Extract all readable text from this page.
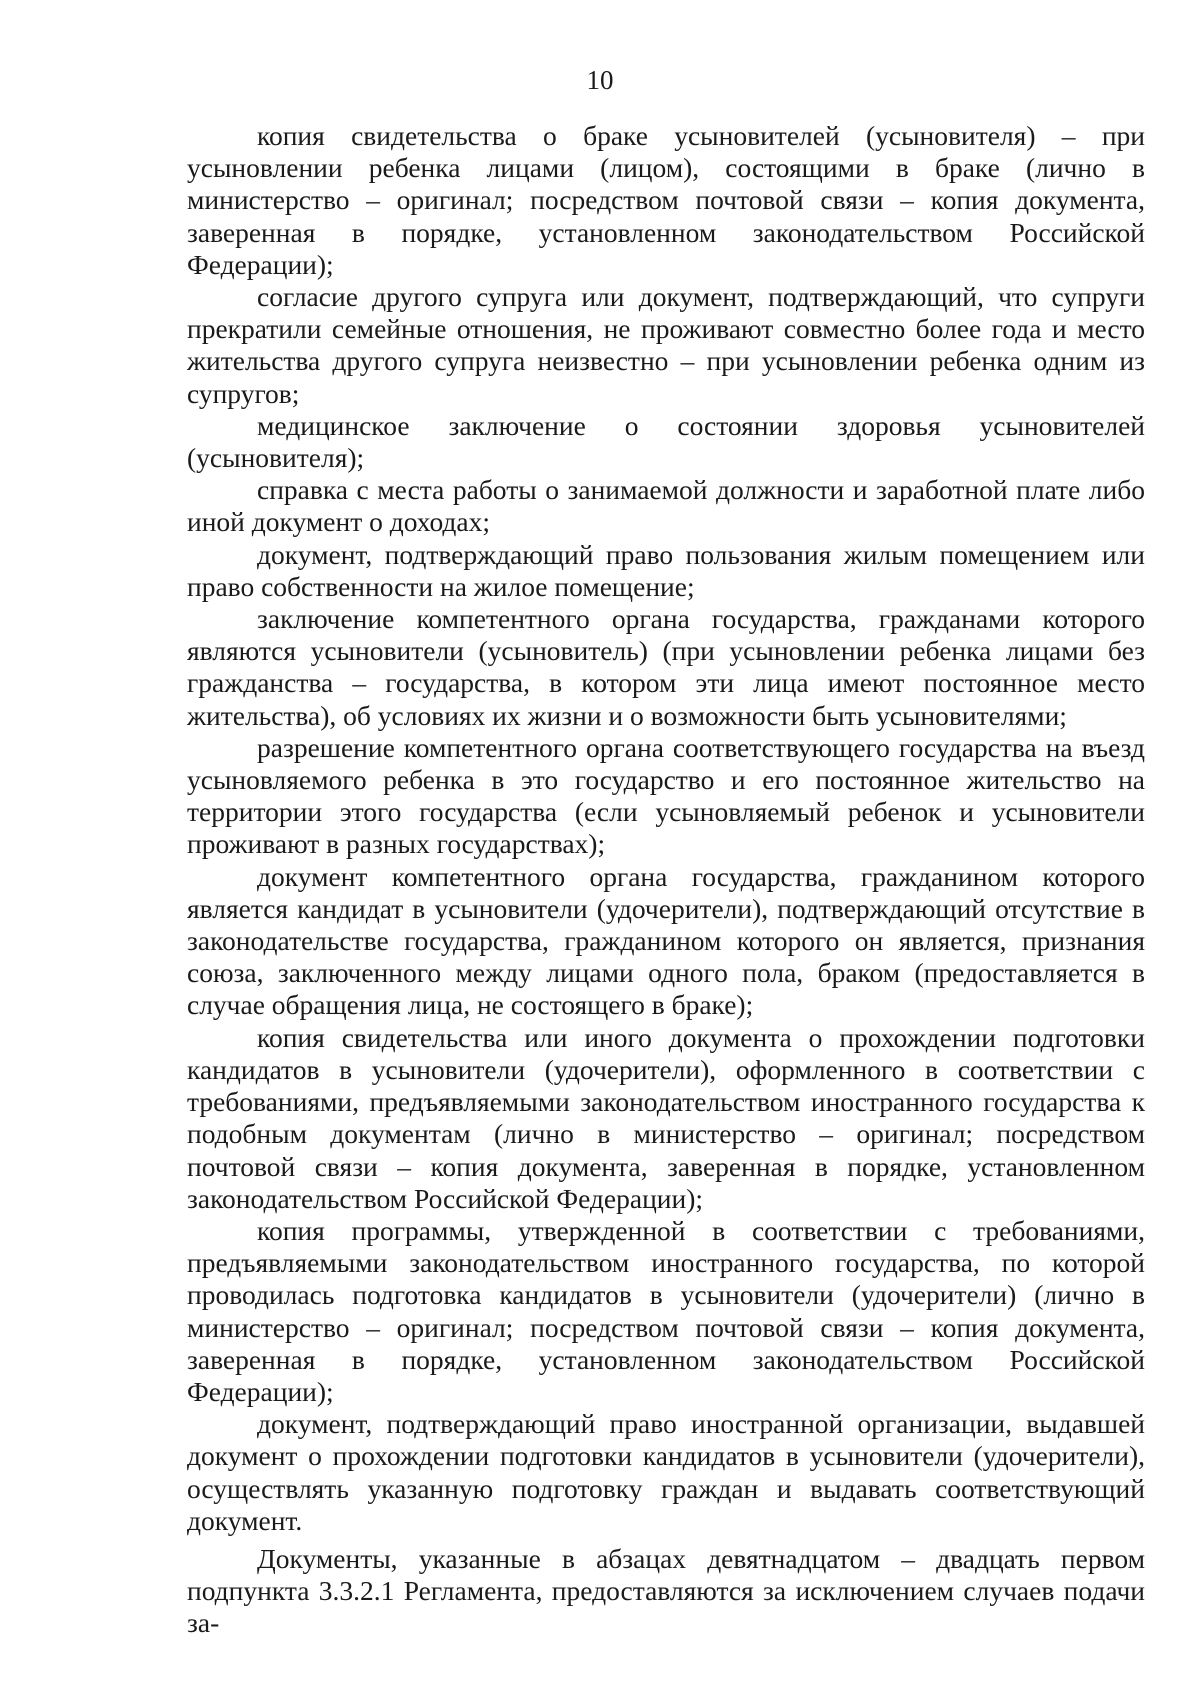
10

копия свидетельства о браке усыновителей (усыновителя) – при усыновлении ребенка лицами (лицом), состоящими в браке (лично в министерство – оригинал; посредством почтовой связи – копия документа, заверенная в порядке, установленном законодательством Российской Федерации);

согласие другого супруга или документ, подтверждающий, что супруги прекратили семейные отношения, не проживают совместно более года и место жительства другого супруга неизвестно – при усыновлении ребенка одним из супругов;

медицинское заключение о состоянии здоровья усыновителей (усыновителя);

справка с места работы о занимаемой должности и заработной плате либо иной документ о доходах;

документ, подтверждающий право пользования жилым помещением или право собственности на жилое помещение;

заключение компетентного органа государства, гражданами которого являются усыновители (усыновитель) (при усыновлении ребенка лицами без гражданства – государства, в котором эти лица имеют постоянное место жительства), об условиях их жизни и о возможности быть усыновителями;

разрешение компетентного органа соответствующего государства на въезд усыновляемого ребенка в это государство и его постоянное жительство на территории этого государства (если усыновляемый ребенок и усыновители проживают в разных государствах);

документ компетентного органа государства, гражданином которого является кандидат в усыновители (удочерители), подтверждающий отсутствие в законодательстве государства, гражданином которого он является, признания союза, заключенного между лицами одного пола, браком (предоставляется в случае обращения лица, не состоящего в браке);

копия свидетельства или иного документа о прохождении подготовки кандидатов в усыновители (удочерители), оформленного в соответствии с требованиями, предъявляемыми законодательством иностранного государства к подобным документам (лично в министерство – оригинал; посредством почтовой связи – копия документа, заверенная в порядке, установленном законодательством Российской Федерации);

копия программы, утвержденной в соответствии с требованиями, предъявляемыми законодательством иностранного государства, по которой проводилась подготовка кандидатов в усыновители (удочерители) (лично в министерство – оригинал; посредством почтовой связи – копия документа, заверенная в порядке, установленном законодательством Российской Федерации);

документ, подтверждающий право иностранной организации, выдавшей документ о прохождении подготовки кандидатов в усыновители (удочерители), осуществлять указанную подготовку граждан и выдавать соответствующий документ.

Документы, указанные в абзацах девятнадцатом – двадцать первом подпункта 3.3.2.1 Регламента, предоставляются за исключением случаев подачи за-
